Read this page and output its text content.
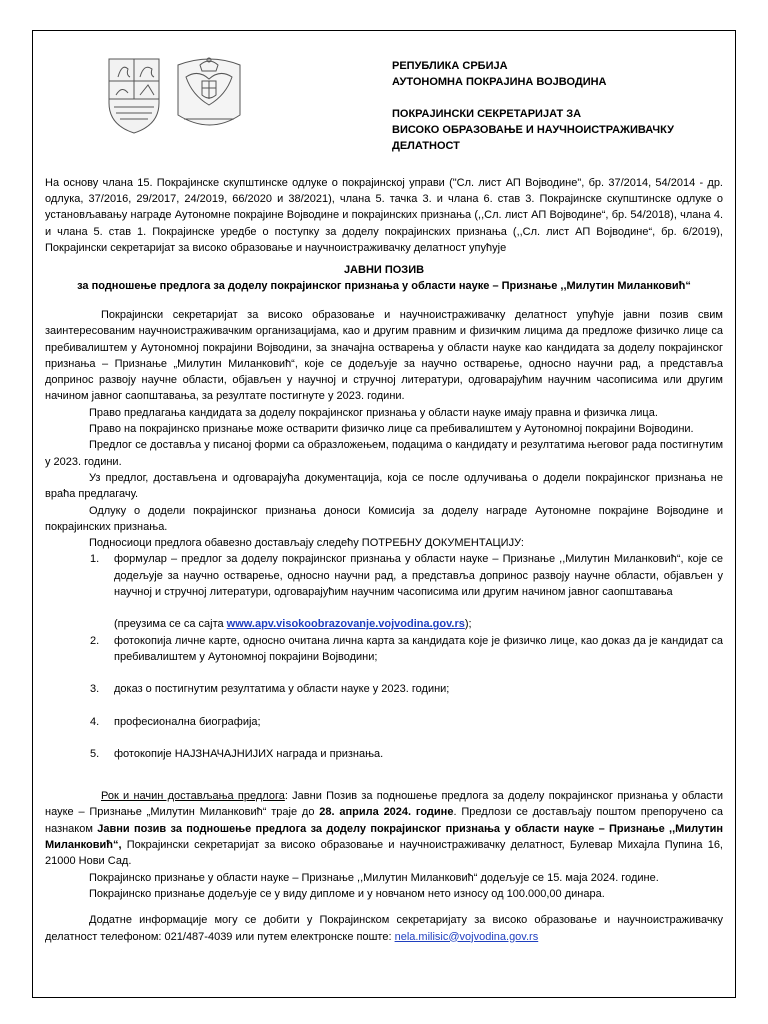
РЕПУБЛИКА СРБИЈА
АУТОНОМНА ПОКРАЈИНА ВОЈВОДИНА
ПОКРАЈИНСКИ СЕКРЕТАРИЈАТ ЗА
ВИСОКО ОБРАЗОВАЊЕ И НАУЧНОИСТРАЖИВАЧКУ
ДЕЛАТНОСТ
На основу члана 15. Покрајинске скупштинске одлуке о покрајинској управи ("Сл. лист АП Војводине", бр. 37/2014, 54/2014 - др. одлука, 37/2016, 29/2017, 24/2019, 66/2020 и 38/2021), члана 5. тачка 3. и члана 6. став 3. Покрајинске скупштинске одлуке о установљавању награде Аутономне покрајине Војводине и покрајинских признања (,,Сл. лист АП Војводине“, бр. 54/2018), члана 4. и члана 5. став 1. Покрајинске уредбе о поступку за доделу покрајинских признања (,,Сл. лист АП Војводине“, бр. 6/2019), Покрајински секретаријат за високо образовање и научноистраживачку делатност упућује
ЈАВНИ ПОЗИВ
за подношење предлога за доделу покрајинског признања у области науке – Признање ,,Милутин Миланковић“

Покрајински секретаријат за високо образовање и научноистраживачку делатност упућује јавни позив свим заинтересованим научноистраживачким организацијама, као и другим правним и физичким лицима да предложе физичко лице са пребивалиштем у Аутономној покрајини Војводини, за значајна остварења у области науке као кандидата за доделу покрајинског признања – Признање „Милутин Миланковић“, које се додељује за научно остварење, односно научни рад, а представља допринос развоју научне области, објављен у научној и стручној литератури, одговарајућим научним часописима или другим начином јавног саопштавања, за резултате постигнуте у 2023. години.

Право предлагања кандидата за доделу покрајинског признања у области науке имају правна и физичка лица.

Право на покрајинско признање може остварити физичко лице са пребивалиштем у Аутономној покрајини Војводини.

Предлог се доставља у писаној форми са образложењем, подацима о кандидату и резултатима његовог рада постигнутим у 2023. години.

Уз предлог, достављена и одговарајућа документација, која се после одлучивања о додели покрајинског признања не враћа предлагачу.

Одлуку о додели покрајинског признања доноси Комисија за доделу награде Аутономне покрајине Војводине и покрајинских признања.

Подносиоци предлога обавезно достављају следећу ПОТРЕБНУ ДОКУМЕНТАЦИЈУ:

1. формулар – предлог за доделу покрајинског признања у области науке – Признање ,,Милутин Миланковић“, које се додељује за научно остварење, односно научни рад, а представља допринос развоју научне области, објављен у научној и стручној литератури, одговарајућим научним часописима или другим начином јавног саопштавања
(преузима се са сајта www.apv.visokoobrazovanje.vojvodina.gov.rs);
2. фотокопија личне карте, односно очитана лична карта за кандидата које је физичко лице, као доказ да је кандидат са пребивалиштем у Аутономној покрајини Војводини;
3. доказ о постигнутим резултатима у области науке у 2023. години;
4. професионална биографија;
5. фотокопије НАЈЗНАЧАЈНИЈИХ награда и признања.

Рок и начин достављања предлога: Јавни Позив за подношење предлога за доделу покрајинског признања у области науке – Признање „Милутин Миланковић“ траје до 28. априла 2024. године. Предлози се достављају поштом препоручено са назнаком Јавни позив за подношење предлога за доделу покрајинског признања у области науке – Признање ,,Милутин Миланковић“, Покрајински секретаријат за високо образовање и научноистраживачку делатност, Булевар Михајла Пупина 16, 21000 Нови Сад.

Покрајинско признање у области науке – Признање ,,Милутин Миланковић“ додељује се 15. маја 2024. године.

Покрајинско признање додељује се у виду дипломе и у новчаном нето износу од 100.000,00 динара.

Додатне информације могу се добити у Покрајинском секретаријату за високо образовање и научноистраживачку делатност телефоном: 021/487-4039 или путем електронске поште: nela.milisic@vojvodina.gov.rs
